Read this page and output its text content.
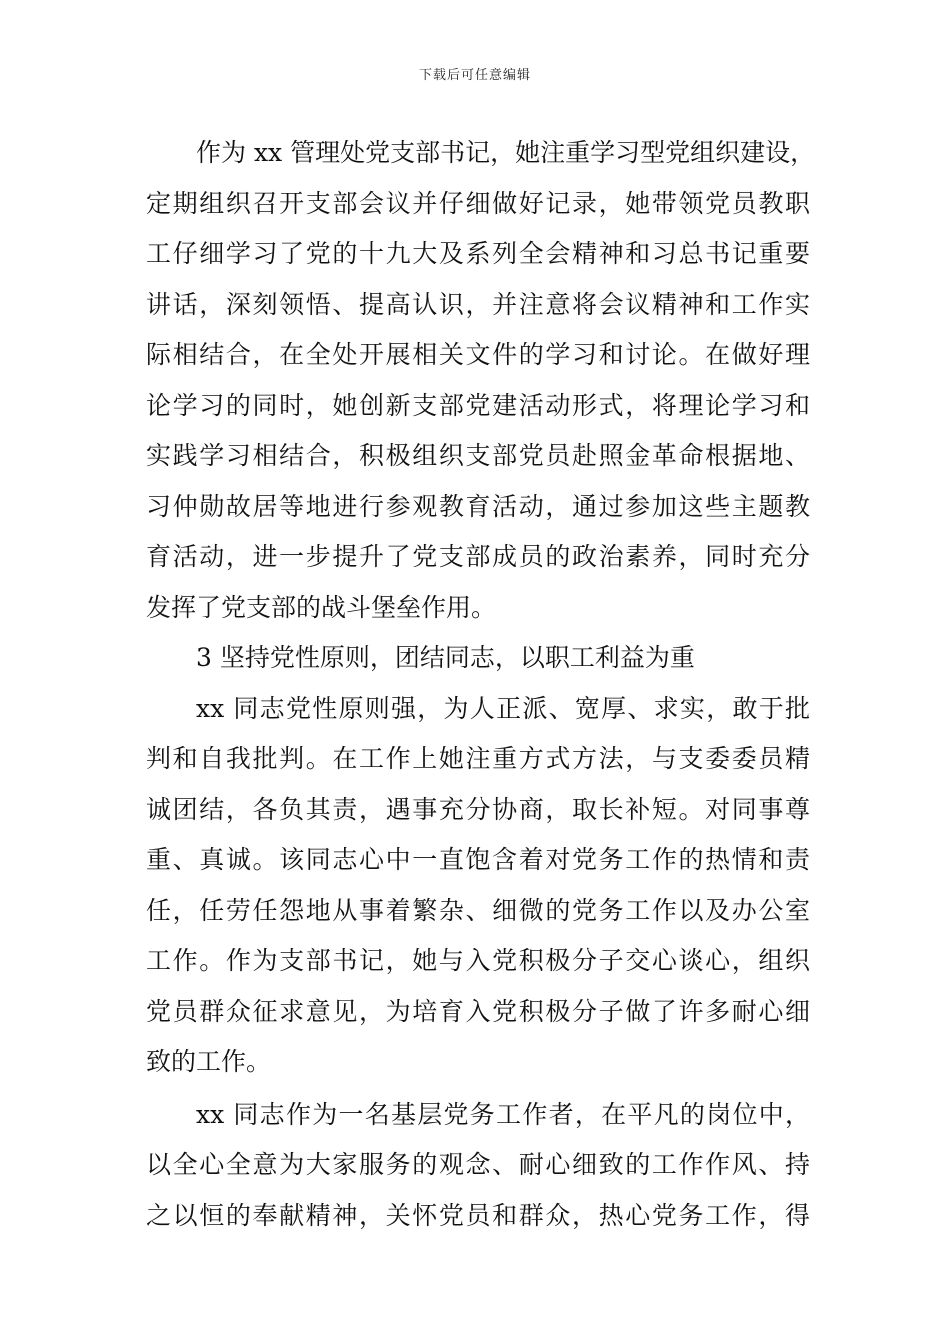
下载后可任意编辑
作为 xx 管理处党支部书记，她注重学习型党组织建设，
定期组织召开支部会议并仔细做好记录，她带领党员教职
工仔细学习了党的十九大及系列全会精神和习总书记重要
讲话，深刻领悟、提高认识，并注意将会议精神和工作实
际相结合，在全处开展相关文件的学习和讨论。在做好理
论学习的同时，她创新支部党建活动形式，将理论学习和
实践学习相结合，积极组织支部党员赴照金革命根据地、
习仲勋故居等地进行参观教育活动，通过参加这些主题教
育活动，进一步提升了党支部成员的政治素养，同时充分
发挥了党支部的战斗堡垒作用。
3 坚持党性原则，团结同志，以职工利益为重
xx 同志党性原则强，为人正派、宽厚、求实，敢于批
判和自我批判。在工作上她注重方式方法，与支委委员精
诚团结，各负其责，遇事充分协商，取长补短。对同事尊
重、真诚。该同志心中一直饱含着对党务工作的热情和责
任，任劳任怨地从事着繁杂、细微的党务工作以及办公室
工作。作为支部书记，她与入党积极分子交心谈心，组织
党员群众征求意见，为培育入党积极分子做了许多耐心细
致的工作。
xx 同志作为一名基层党务工作者，在平凡的岗位中，
以全心全意为大家服务的观念、耐心细致的工作作风、持
之以恒的奉献精神，关怀党员和群众，热心党务工作，得
